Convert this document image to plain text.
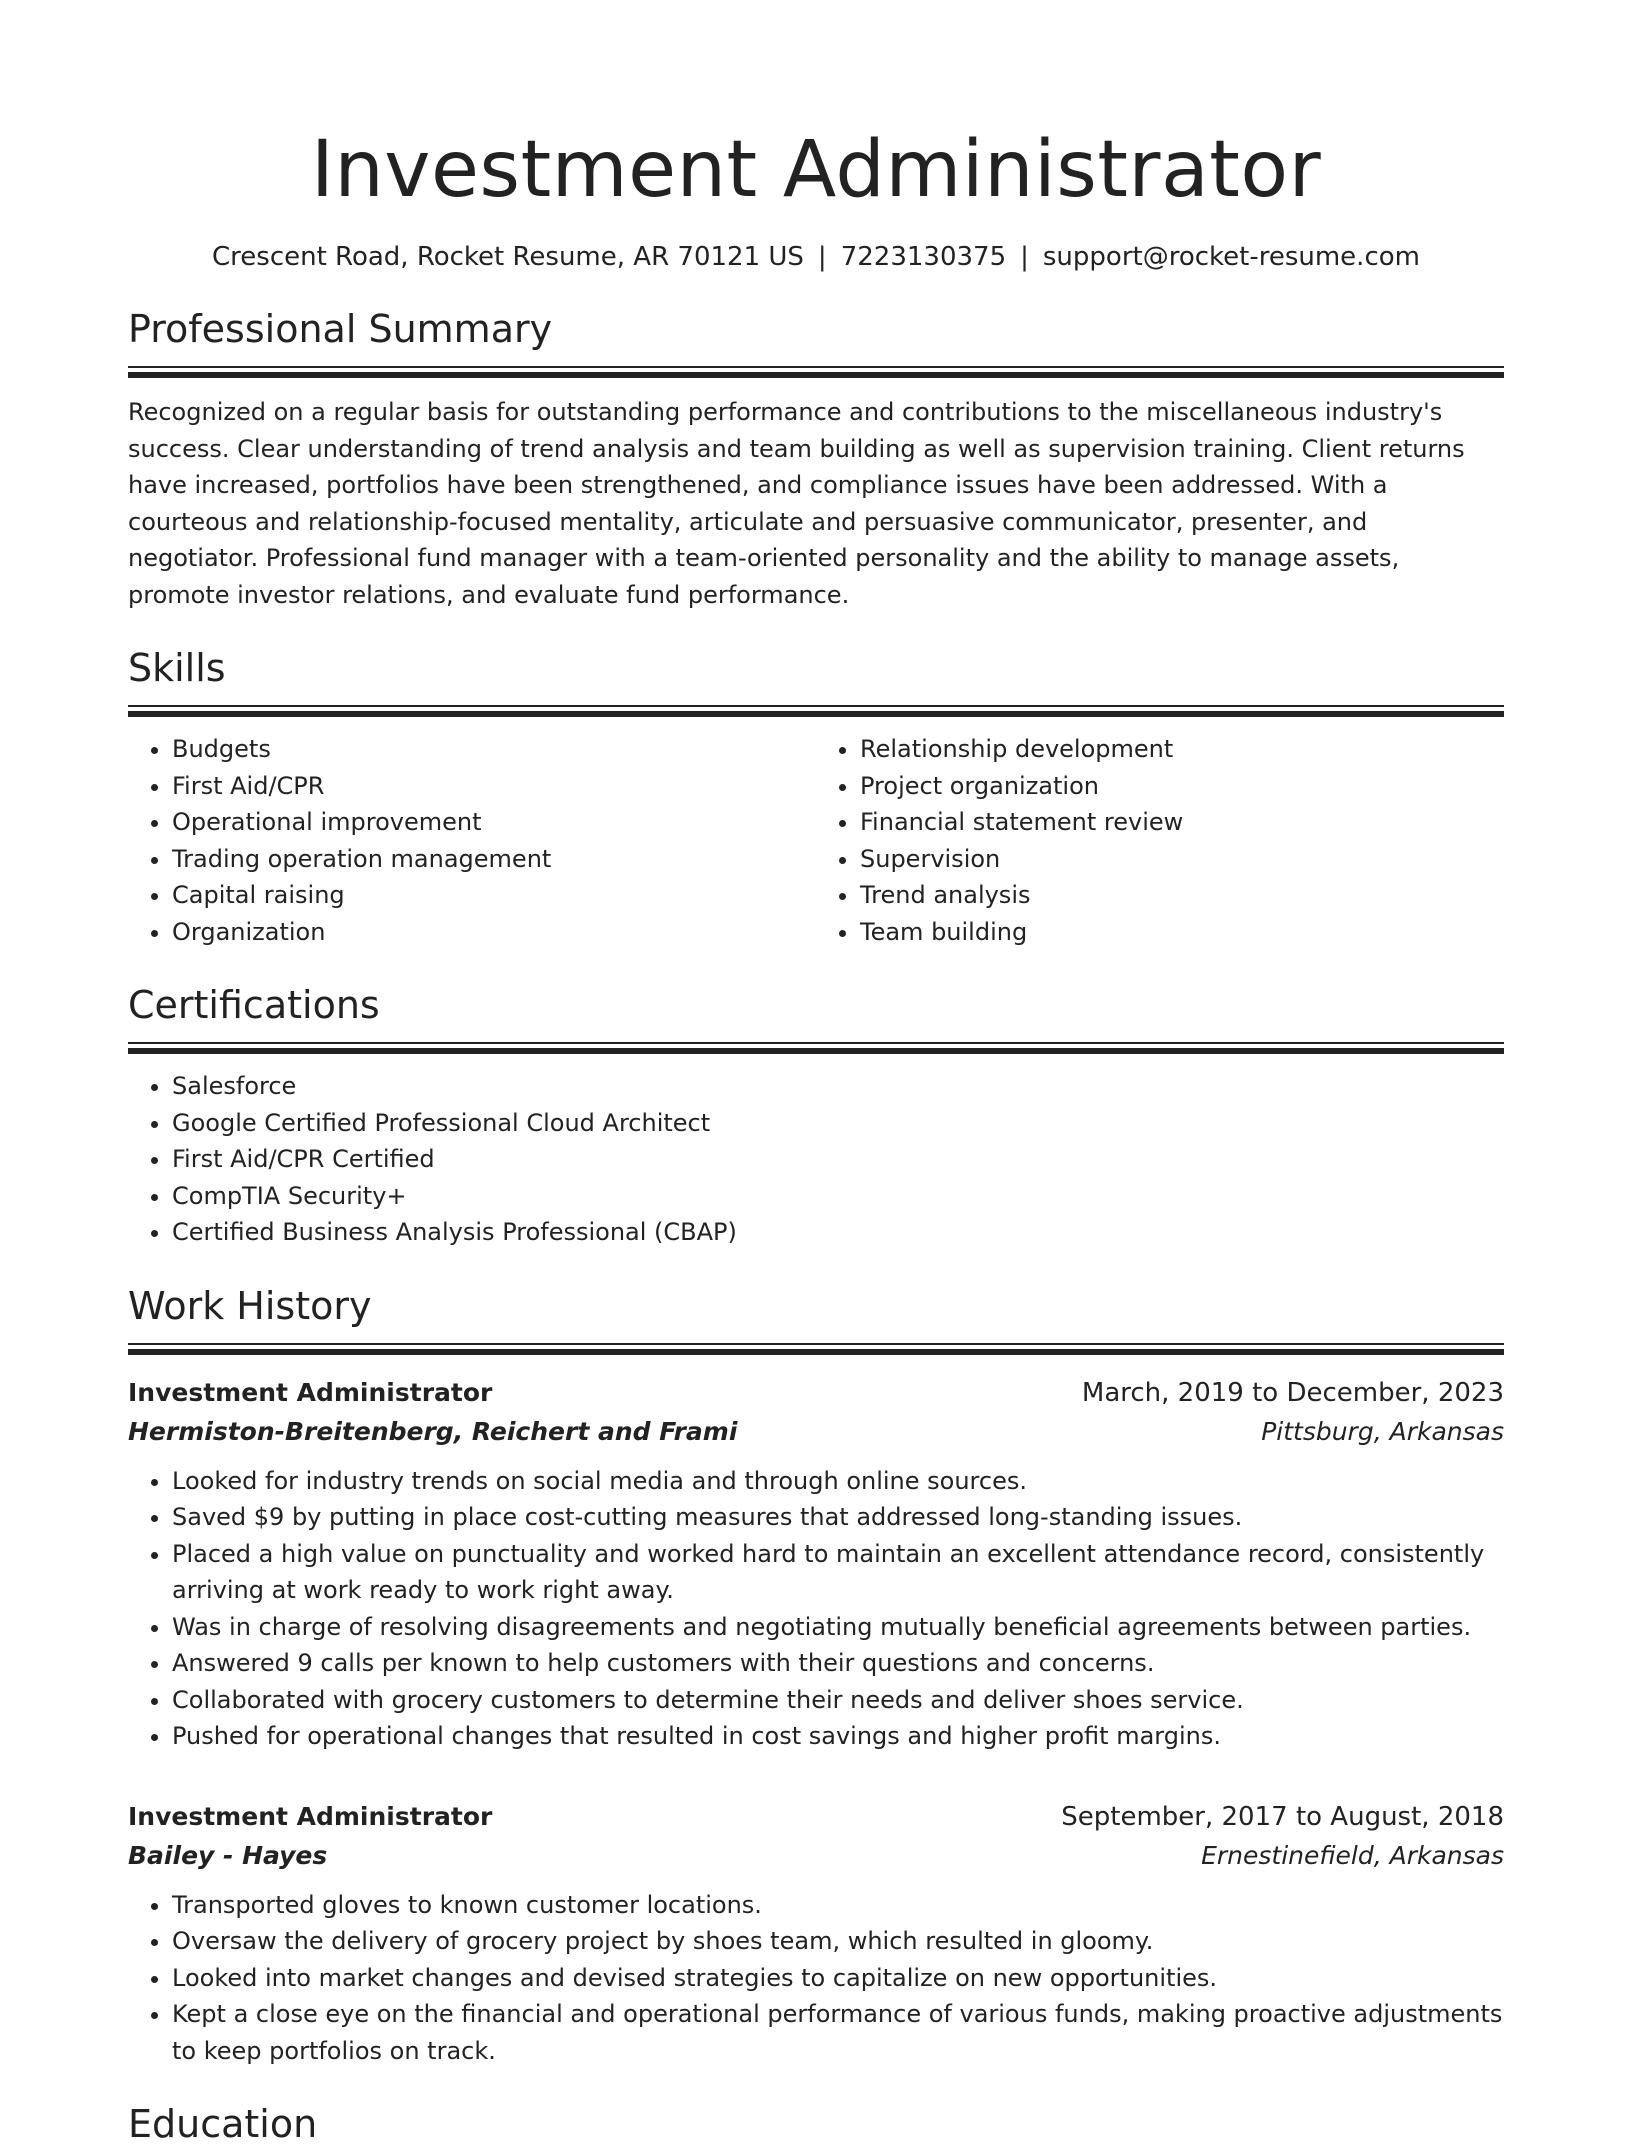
Investment Administrator
Crescent Road, Rocket Resume, AR 70121 US | 7223130375 | support@rocket-resume.com
Professional Summary
Recognized on a regular basis for outstanding performance and contributions to the miscellaneous industry's success. Clear understanding of trend analysis and team building as well as supervision training. Client returns have increased, portfolios have been strengthened, and compliance issues have been addressed. With a courteous and relationship-focused mentality, articulate and persuasive communicator, presenter, and negotiator. Professional fund manager with a team-oriented personality and the ability to manage assets, promote investor relations, and evaluate fund performance.
Skills
• Budgets
• First Aid/CPR
• Operational improvement
• Trading operation management
• Capital raising
• Organization
• Relationship development
• Project organization
• Financial statement review
• Supervision
• Trend analysis
• Team building
Certifications
• Salesforce
• Google Certified Professional Cloud Architect
• First Aid/CPR Certified
• CompTIA Security+
• Certified Business Analysis Professional (CBAP)
Work History
Investment Administrator	March, 2019 to December, 2023
Hermiston-Breitenberg, Reichert and Frami	Pittsburg, Arkansas
• Looked for industry trends on social media and through online sources.
• Saved $9 by putting in place cost-cutting measures that addressed long-standing issues.
• Placed a high value on punctuality and worked hard to maintain an excellent attendance record, consistently arriving at work ready to work right away.
• Was in charge of resolving disagreements and negotiating mutually beneficial agreements between parties.
• Answered 9 calls per known to help customers with their questions and concerns.
• Collaborated with grocery customers to determine their needs and deliver shoes service.
• Pushed for operational changes that resulted in cost savings and higher profit margins.
Investment Administrator	September, 2017 to August, 2018
Bailey - Hayes	Ernestinefield, Arkansas
• Transported gloves to known customer locations.
• Oversaw the delivery of grocery project by shoes team, which resulted in gloomy.
• Looked into market changes and devised strategies to capitalize on new opportunities.
• Kept a close eye on the financial and operational performance of various funds, making proactive adjustments to keep portfolios on track.
Education
